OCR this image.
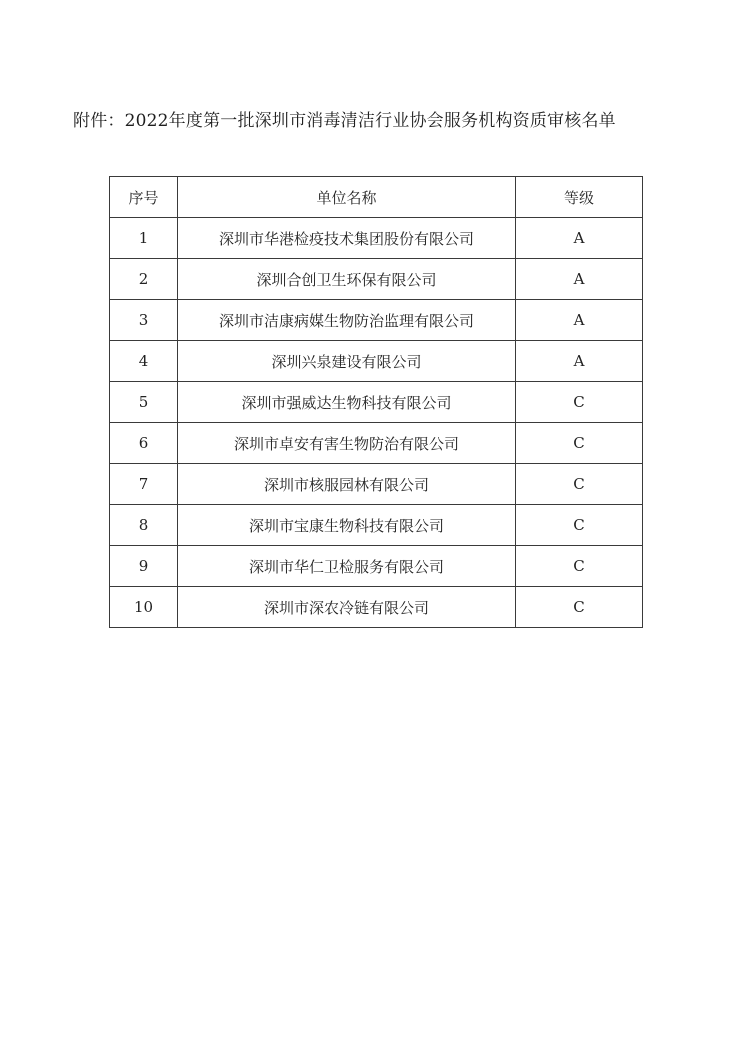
附件：2022年度第一批深圳市消毒清洁行业协会服务机构资质审核名单
序号	单位名称	等级
1	深圳市华港检疫技术集团股份有限公司	A
2	深圳合创卫生环保有限公司	A
3	深圳市洁康病媒生物防治监理有限公司	A
4	深圳兴泉建设有限公司	A
5	深圳市强威达生物科技有限公司	C
6	深圳市卓安有害生物防治有限公司	C
7	深圳市核服园林有限公司	C
8	深圳市宝康生物科技有限公司	C
9	深圳市华仁卫检服务有限公司	C
10	深圳市深农冷链有限公司	C
